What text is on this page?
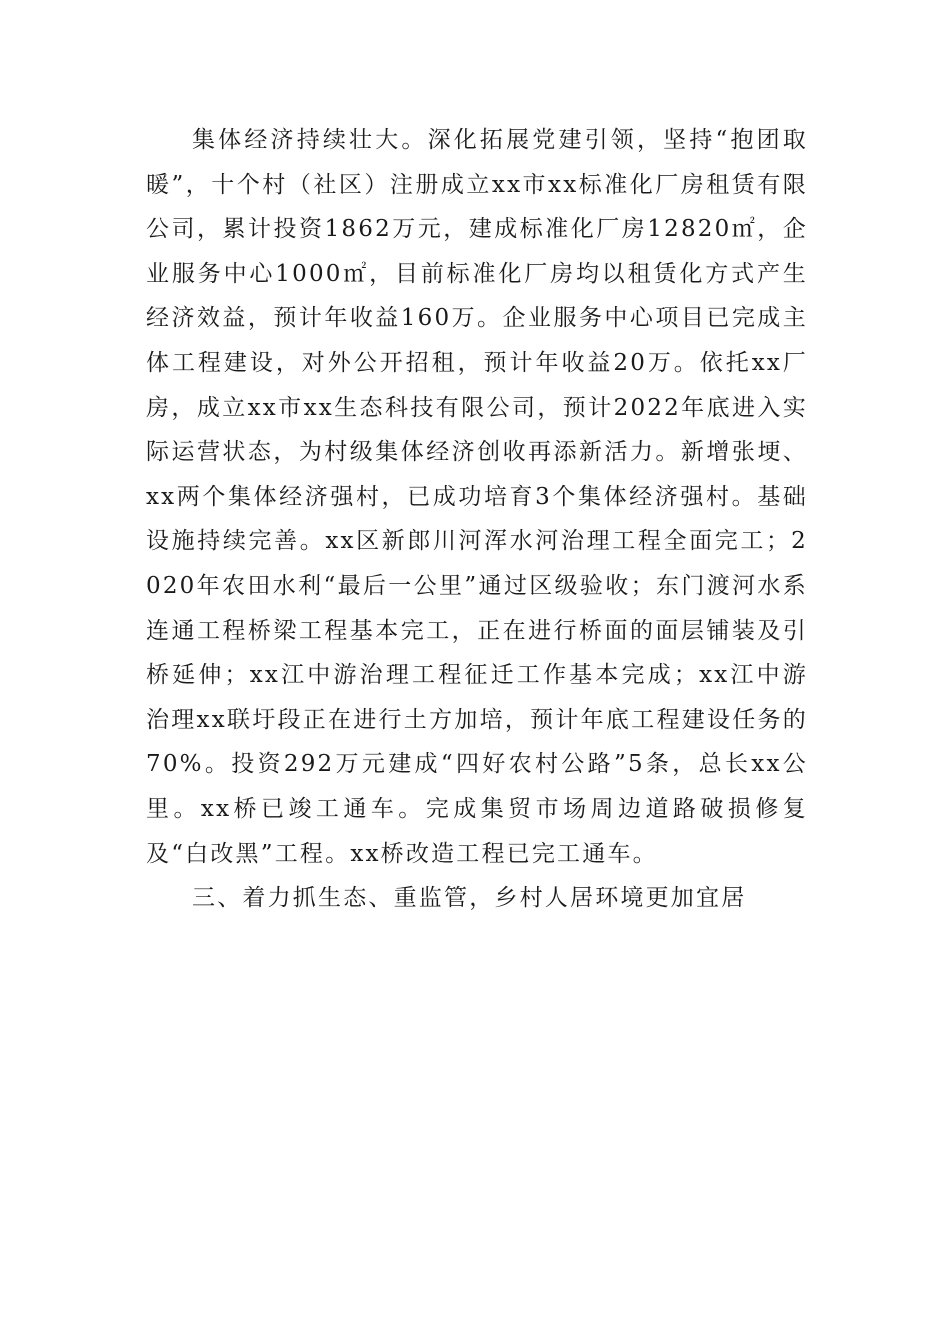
集体经济持续壮大。深化拓展党建引领，坚持“抱团取暖”，十个村（社区）注册成立xx市xx标准化厂房租赁有限公司，累计投资1862万元，建成标准化厂房12820㎡，企业服务中心1000㎡，目前标准化厂房均以租赁化方式产生经济效益，预计年收益160万。企业服务中心项目已完成主体工程建设，对外公开招租，预计年收益20万。依托xx厂房，成立xx市xx生态科技有限公司，预计2022年底进入实际运营状态，为村级集体经济创收再添新活力。新增张埂、xx两个集体经济强村，已成功培育3个集体经济强村。基础设施持续完善。xx区新郎川河浑水河治理工程全面完工；2020年农田水利“最后一公里”通过区级验收；东门渡河水系连通工程桥梁工程基本完工，正在进行桥面的面层铺装及引桥延伸；xx江中游治理工程征迁工作基本完成；xx江中游治理xx联圩段正在进行土方加培，预计年底工程建设任务的70%。投资292万元建成“四好农村公路”5条，总长xx公里。xx桥已竣工通车。完成集贸市场周边道路破损修复及“白改黑”工程。xx桥改造工程已完工通车。

三、着力抓生态、重监管，乡村人居环境更加宜居
